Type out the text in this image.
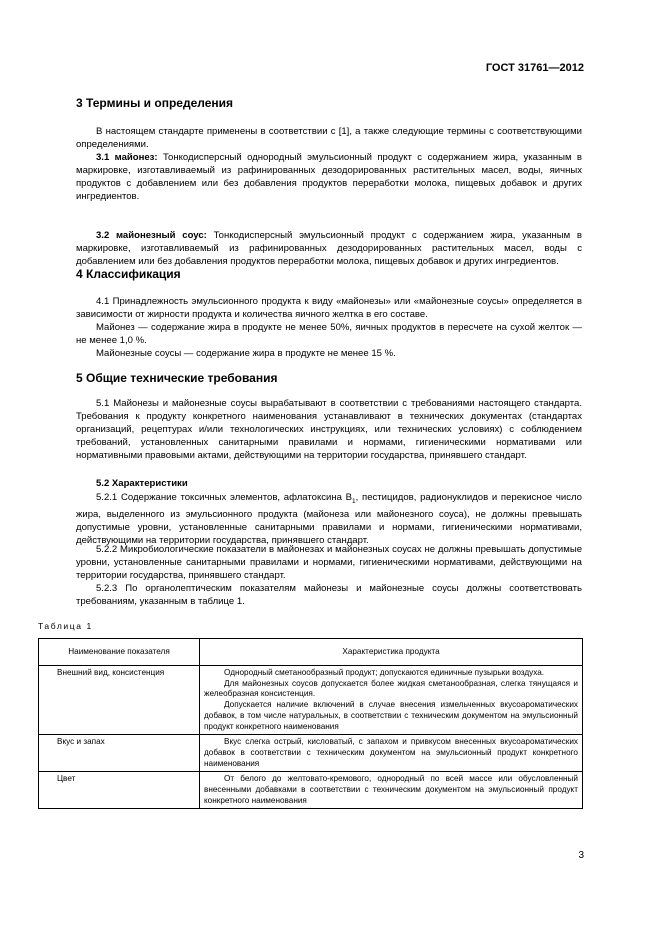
ГОСТ 31761—2012
3 Термины и определения

В настоящем стандарте применены в соответствии с [1], а также следующие термины с соответствующими определениями.

3.1 майонез: Тонкодисперсный однородный эмульсионный продукт с содержанием жира, указанным в маркировке, изготавливаемый из рафинированных дезодорированных растительных масел, воды, яичных продуктов с добавлением или без добавления продуктов переработки молока, пищевых добавок и других ингредиентов.

3.2 майонезный соус: Тонкодисперсный эмульсионный продукт с содержанием жира, указанным в маркировке, изготавливаемый из рафинированных дезодорированных растительных масел, воды с добавлением или без добавления продуктов переработки молока, пищевых добавок и других ингредиентов.

4 Классификация

4.1 Принадлежность эмульсионного продукта к виду «майонезы» или «майонезные соусы» определяется в зависимости от жирности продукта и количества яичного желтка в его составе.

Майонез — содержание жира в продукте не менее 50%, яичных продуктов в пересчете на сухой желток — не менее 1,0 %.

Майонезные соусы — содержание жира в продукте не менее 15 %.

5 Общие технические требования

5.1 Майонезы и майонезные соусы вырабатывают в соответствии с требованиями настоящего стандарта. Требования к продукту конкретного наименования устанавливают в технических документах (стандартах организаций, рецептурах и/или технологических инструкциях, или технических условиях) с соблюдением требований, установленных санитарными правилами и нормами, гигиеническими нормативами или нормативными правовыми актами, действующими на территории государства, принявшего стандарт.

5.2 Характеристики

5.2.1 Содержание токсичных элементов, афлатоксина $B_1$, пестицидов, радионуклидов и перекисное число жира, выделенного из эмульсионного продукта (майонеза или майонезного соуса), не должны превышать допустимые уровни, установленные санитарными правилами и нормами, гигиеническими нормативами, действующими на территории государства, принявшего стандарт.

5.2.2 Микробиологические показатели в майонезах и майонезных соусах не должны превышать допустимые уровни, установленные санитарными правилами и нормами, гигиеническими нормативами, действующими на территории государства, принявшего стандарт.

5.2.3 По органолептическим показателям майонезы и майонезные соусы должны соответствовать требованиям, указанным в таблице 1.

Таблица 1
Наименование показателя	Характеристика продукта
Внешний вид, консистенция	Однородный сметанообразный продукт; допускаются единичные пузырьки воздуха.

Для майонезных соусов допускается более жидкая сметанообразная, слегка тянущаяся и желеобразная консистенция.

Допускается наличие включений в случае внесения измельченных вкусоароматических добавок, в том числе натуральных, в соответствии с техническим документом на эмульсионный продукт конкретного наименования

Вкус и запах	Вкус слегка острый, кисловатый, с запахом и привкусом внесенных вкусоароматических добавок в соответствии с техническим документом на эмульсионный продукт конкретного наименования

Цвет	От белого до желтовато-кремового, однородный по всей массе или обусловленный внесенными добавками в соответствии с техническим документом на эмульсионный продукт конкретного наименования

3
